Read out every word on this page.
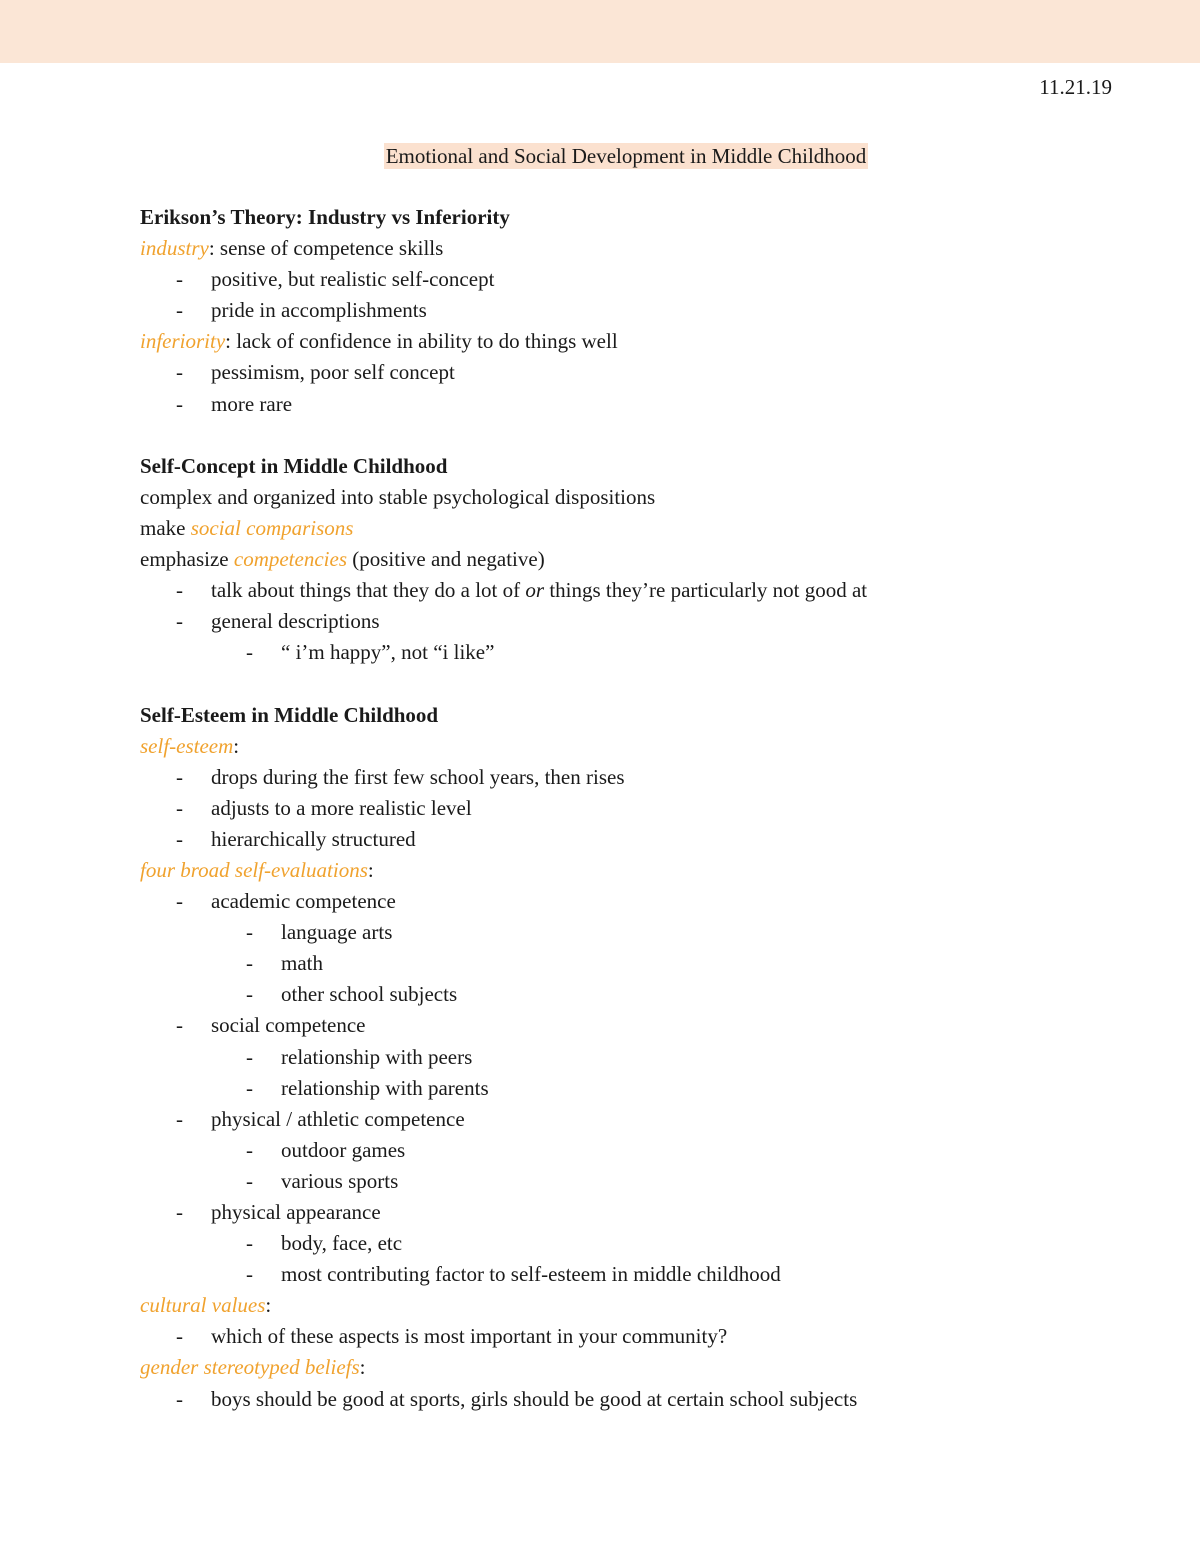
11.21.19
Emotional and Social Development in Middle Childhood
Erikson’s Theory: Industry vs Inferiority
industry: sense of competence skills
- positive, but realistic self-concept
- pride in accomplishments
inferiority: lack of confidence in ability to do things well
- pessimism, poor self concept
- more rare
Self-Concept in Middle Childhood
complex and organized into stable psychological dispositions
make social comparisons
emphasize competencies (positive and negative)
- talk about things that they do a lot of or things they’re particularly not good at
- general descriptions
- “ i’m happy”, not “i like”
Self-Esteem in Middle Childhood
self-esteem:
- drops during the first few school years, then rises
- adjusts to a more realistic level
- hierarchically structured
four broad self-evaluations:
- academic competence
- language arts
- math
- other school subjects
- social competence
- relationship with peers
- relationship with parents
- physical / athletic competence
- outdoor games
- various sports
- physical appearance
- body, face, etc
- most contributing factor to self-esteem in middle childhood
cultural values:
- which of these aspects is most important in your community?
gender stereotyped beliefs:
- boys should be good at sports, girls should be good at certain school subjects
